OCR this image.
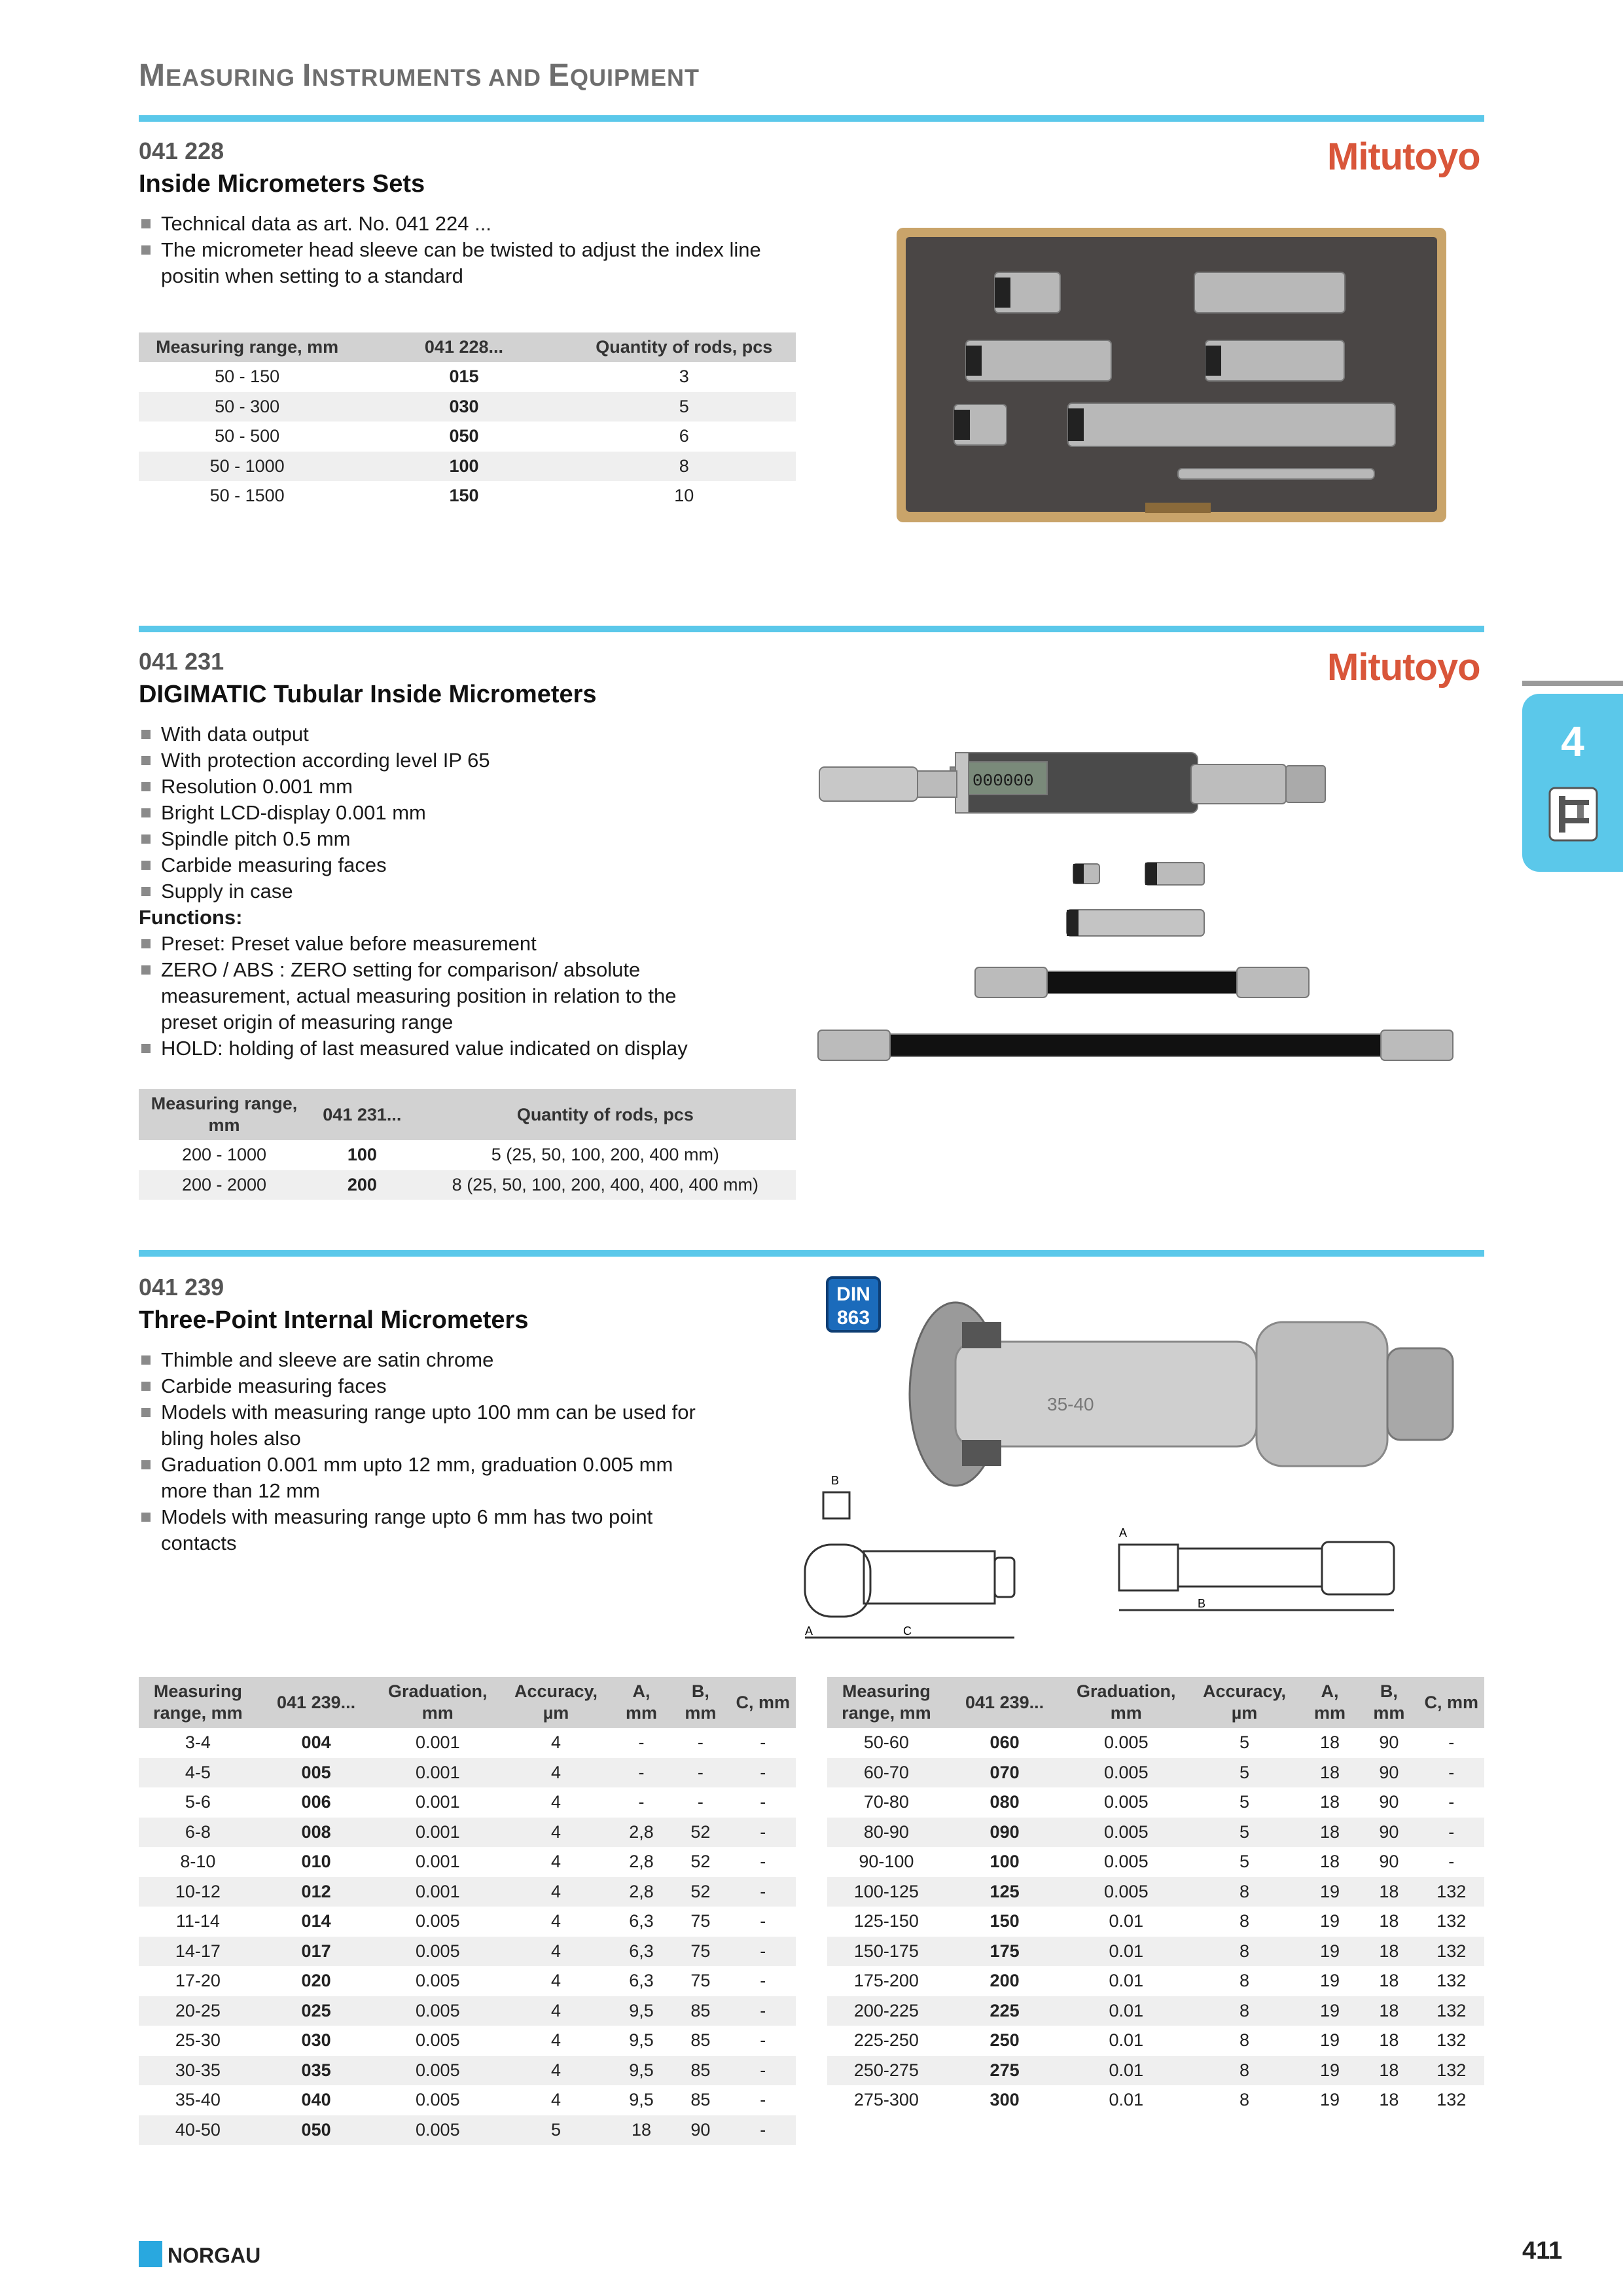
MEASURING INSTRUMENTS AND EQUIPMENT
041 228
Inside Micrometers Sets
Mitutoyo
Technical data as art. No. 041 224 ...
The micrometer head sleeve can be twisted to adjust the index line positin when setting to a standard
Measuring range, mm	041 228...	Quantity of rods, pcs
50 - 150	015	3
50 - 300	030	5
50 - 500	050	6
50 - 1000	100	8
50 - 1500	150	10
041 231
DIGIMATIC Tubular Inside Micrometers
Mitutoyo
With data output
With protection according level IP 65
Resolution 0.001 mm
Bright LCD-display 0.001 mm
Spindle pitch 0.5 mm
Carbide measuring faces
Supply in case
Functions:
Preset: Preset value before measurement
ZERO / ABS : ZERO setting for comparison/ absolute measurement, actual measuring position in relation to the preset origin of measuring range
HOLD: holding of last measured value indicated on display
000000
Measuring range, mm	041 231...	Quantity of rods, pcs
200 - 1000	100	5 (25, 50, 100, 200, 400 mm)
200 - 2000	200	8 (25, 50, 100, 200, 400, 400, 400 mm)
4
041 239
Three-Point Internal Micrometers
DIN
863
Thimble and sleeve are satin chrome
Carbide measuring faces
Models with measuring range upto 100 mm can be used for bling holes also
Graduation 0.001 mm upto 12 mm, graduation 0.005 mm more than 12 mm
Models with measuring range upto 6 mm has two point contacts
35-40
B
A	C
A
B
Measuring range, mm	041 239...	Graduation, mm	Accuracy, µm	A, mm	B, mm	C, mm
3-4	004	0.001	4	-	-	-
4-5	005	0.001	4	-	-	-
5-6	006	0.001	4	-	-	-
6-8	008	0.001	4	2,8	52	-
8-10	010	0.001	4	2,8	52	-
10-12	012	0.001	4	2,8	52	-
11-14	014	0.005	4	6,3	75	-
14-17	017	0.005	4	6,3	75	-
17-20	020	0.005	4	6,3	75	-
20-25	025	0.005	4	9,5	85	-
25-30	030	0.005	4	9,5	85	-
30-35	035	0.005	4	9,5	85	-
35-40	040	0.005	4	9,5	85	-
40-50	050	0.005	5	18	90	-
Measuring range, mm	041 239...	Graduation, mm	Accuracy, µm	A, mm	B, mm	C, mm
50-60	060	0.005	5	18	90	-
60-70	070	0.005	5	18	90	-
70-80	080	0.005	5	18	90	-
80-90	090	0.005	5	18	90	-
90-100	100	0.005	5	18	90	-
100-125	125	0.005	8	19	18	132
125-150	150	0.01	8	19	18	132
150-175	175	0.01	8	19	18	132
175-200	200	0.01	8	19	18	132
200-225	225	0.01	8	19	18	132
225-250	250	0.01	8	19	18	132
250-275	275	0.01	8	19	18	132
275-300	300	0.01	8	19	18	132
NORGAU	411
